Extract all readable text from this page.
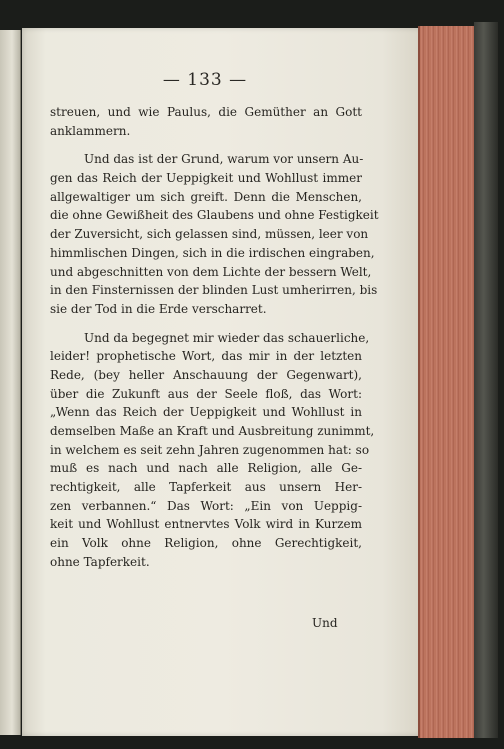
— 133 —
streuen, und wie Paulus, die Gemüther an Gott
anklammern.
Und das ist der Grund, warum vor unsern Au-
gen das Reich der Ueppigkeit und Wohllust immer
allgewaltiger um sich greift. Denn die Menschen,
die ohne Gewißheit des Glaubens und ohne Festigkeit
der Zuversicht, sich gelassen sind, müssen, leer von
himmlischen Dingen, sich in die irdischen eingraben,
und abgeschnitten von dem Lichte der bessern Welt,
in den Finsternissen der blinden Lust umherirren, bis
sie der Tod in die Erde verscharret.
Und da begegnet mir wieder das schauerliche,
leider! prophetische Wort, das mir in der letzten
Rede, (bey heller Anschauung der Gegenwart),
über die Zukunft aus der Seele floß, das Wort:
„Wenn das Reich der Ueppigkeit und Wohllust in
demselben Maße an Kraft und Ausbreitung zunimmt,
in welchem es seit zehn Jahren zugenommen hat: so
muß es nach und nach alle Religion, alle Ge-
rechtigkeit, alle Tapferkeit aus unsern Her-
zen verbannen.“ Das Wort: „Ein von Ueppig-
keit und Wohllust entnervtes Volk wird in Kurzem
ein Volk ohne Religion, ohne Gerechtigkeit,
ohne Tapferkeit.
Und
